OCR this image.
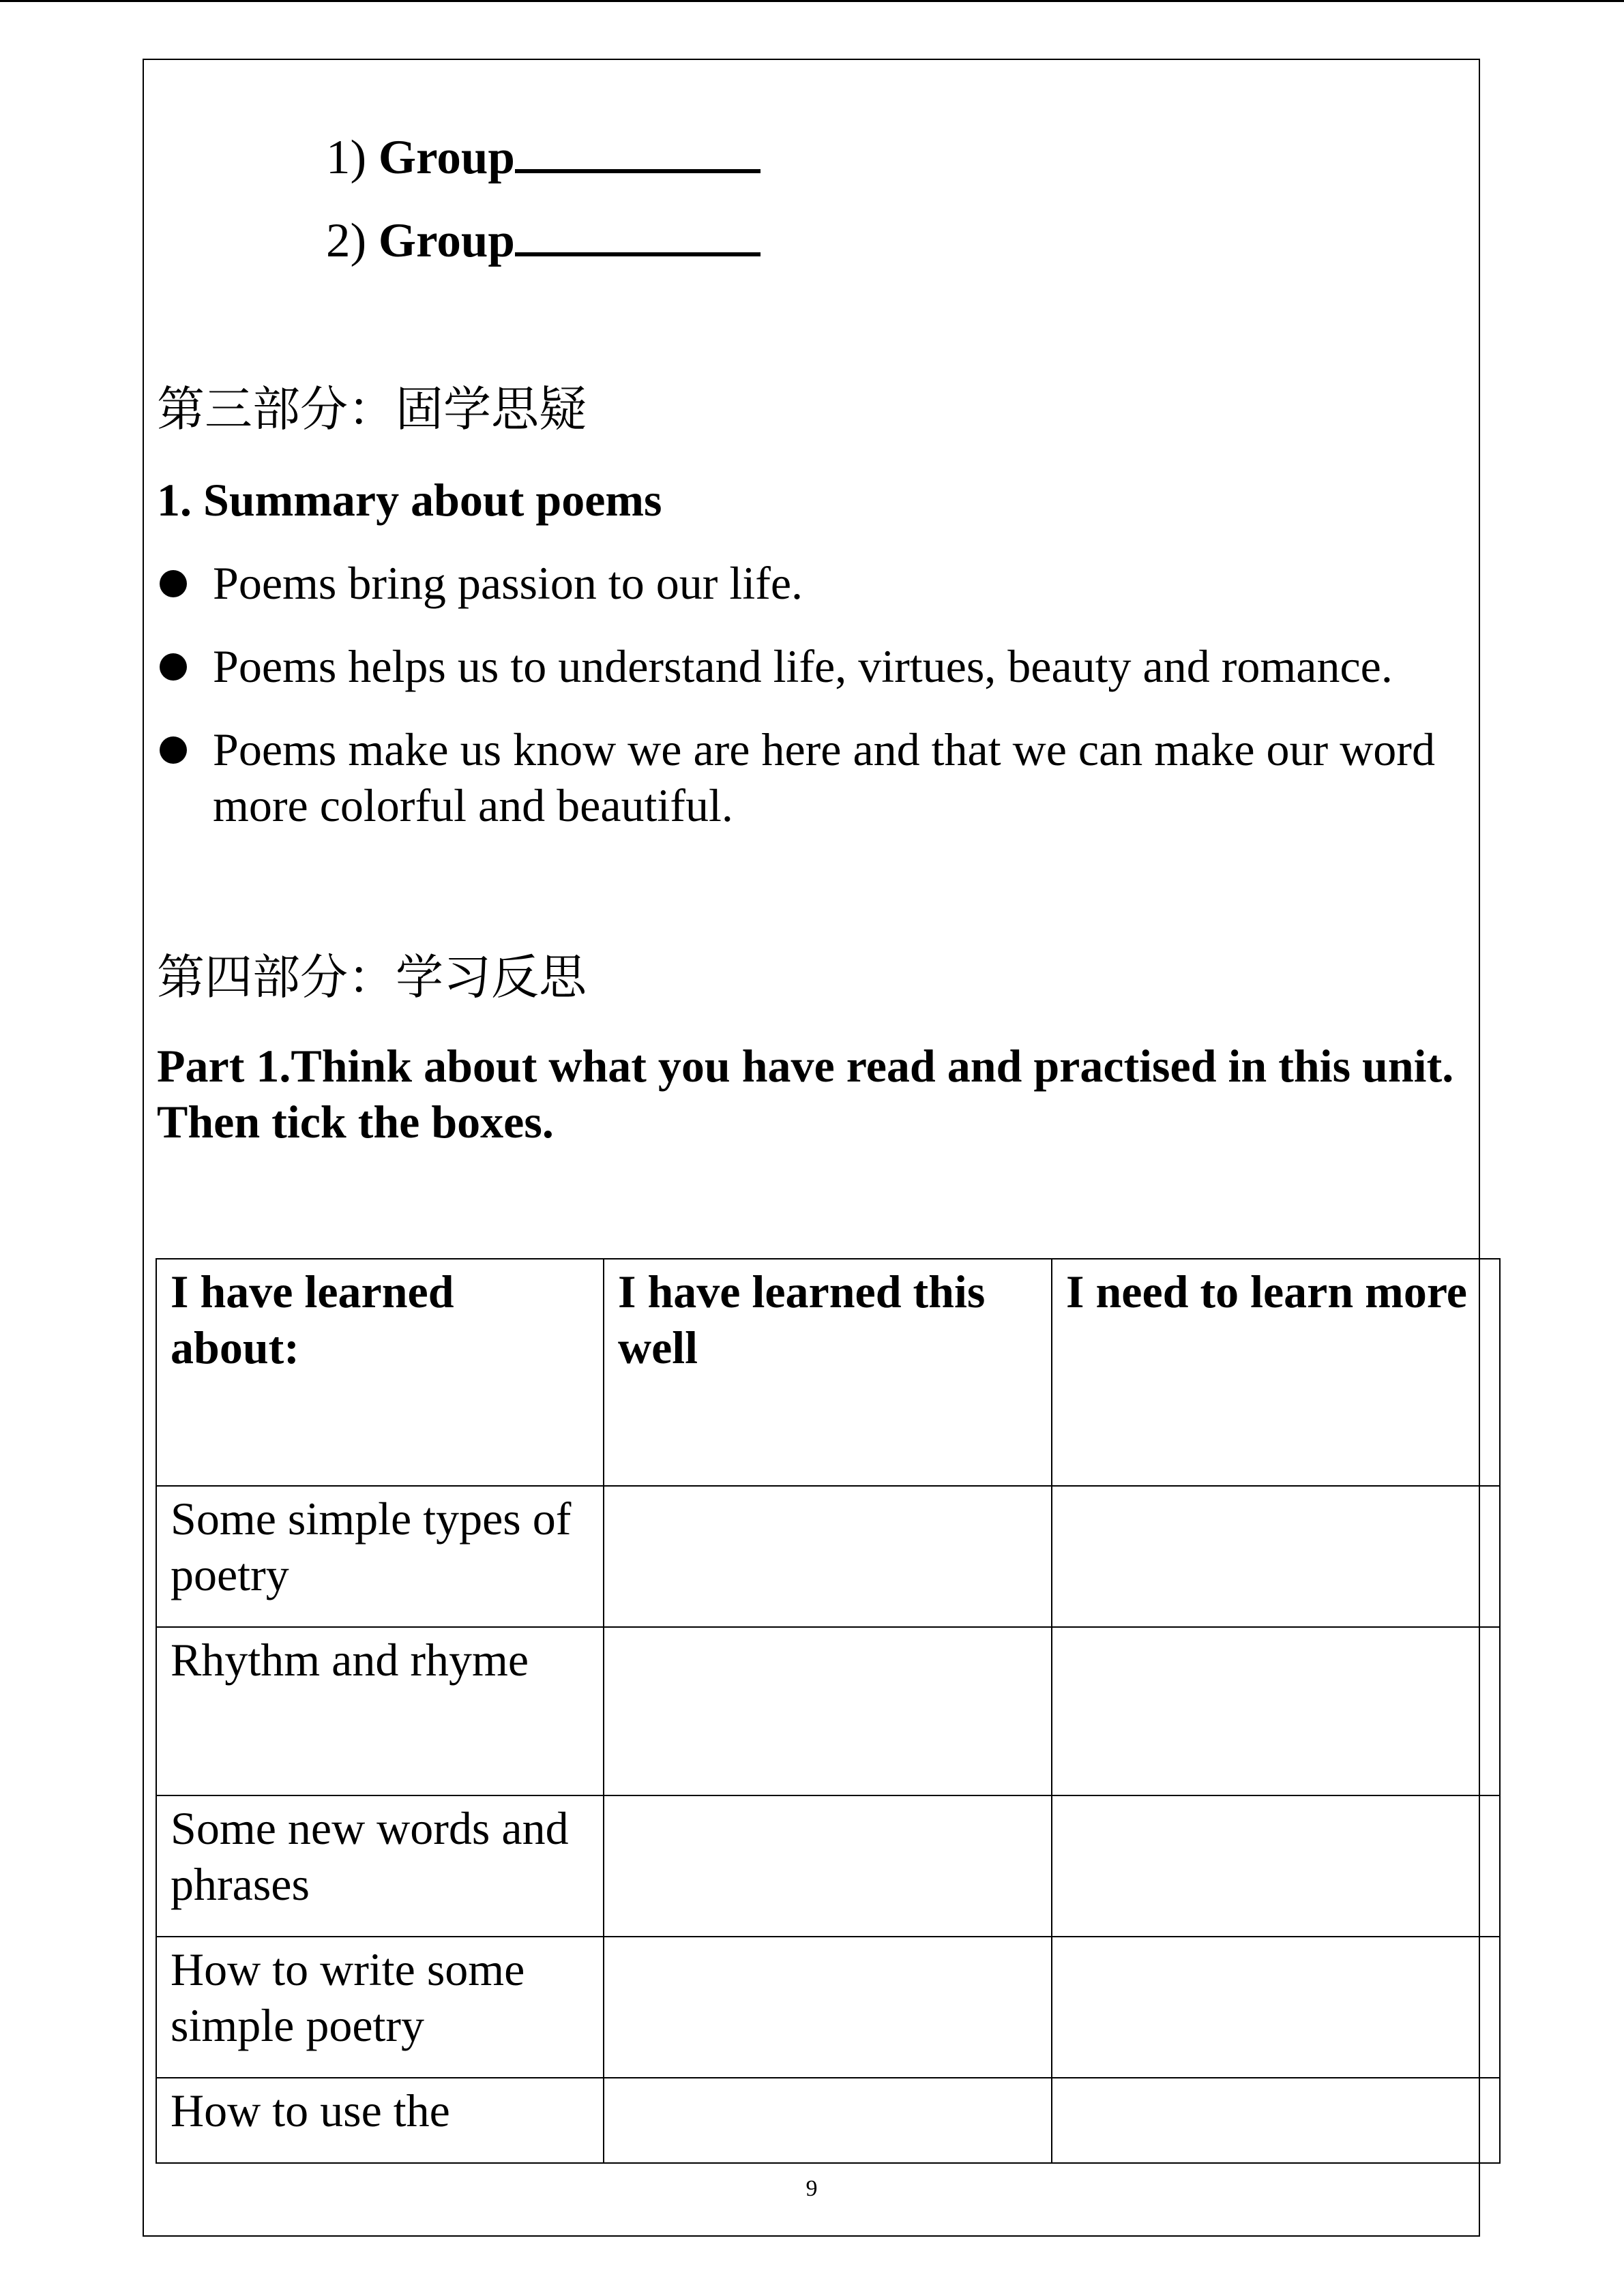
1) Group
2) Group
第三部分：固学思疑
1. Summary about poems
Poems bring passion to our life.
Poems helps us to understand life, virtues, beauty and romance.
Poems make us know we are here and that we can make our word more colorful and beautiful.
第四部分：学习反思
Part 1.Think about what you have read and practised in this unit. Then tick the boxes.
I have learned about:	I have learned this well	I need to learn more
Some simple types of poetry		
Rhythm and rhyme		
Some new words and phrases		
How to write some simple poetry		
How to use the		
9
